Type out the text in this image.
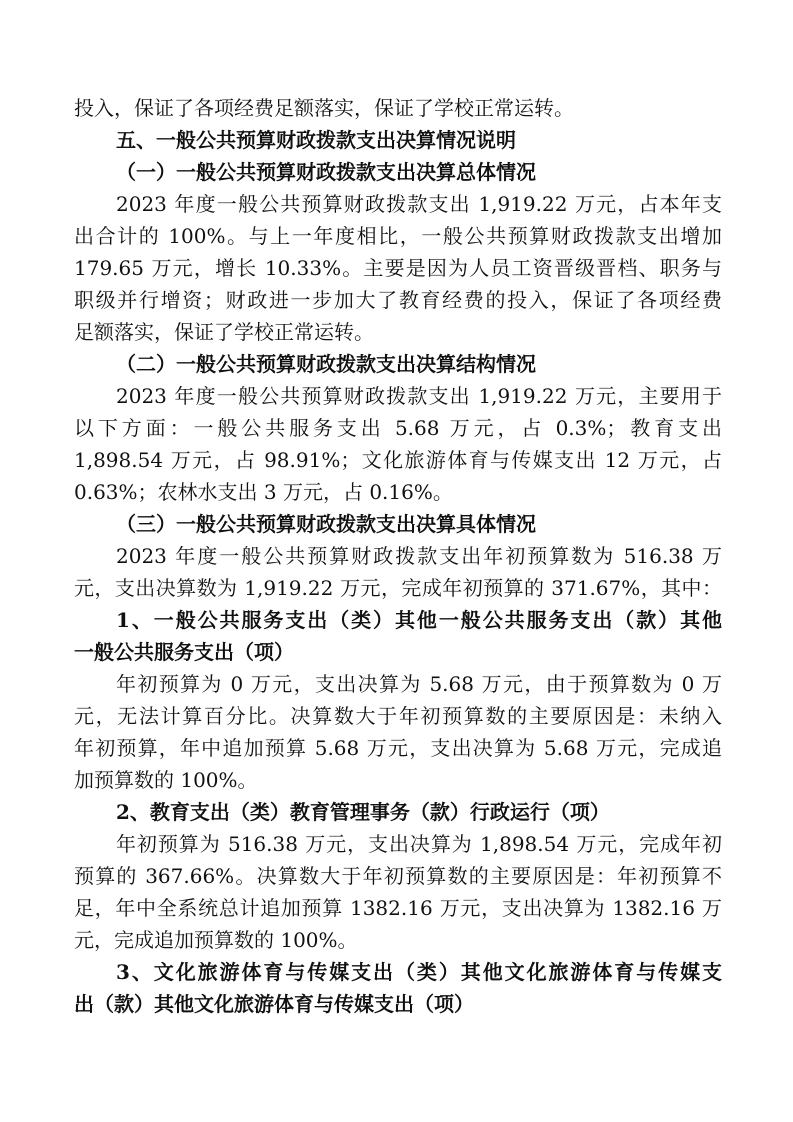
投入，保证了各项经费足额落实，保证了学校正常运转。
五、一般公共预算财政拨款支出决算情况说明
（一）一般公共预算财政拨款支出决算总体情况
2023 年度一般公共预算财政拨款支出 1,919.22 万元，占本年支
出合计的 100%。与上一年度相比，一般公共预算财政拨款支出增加
179.65 万元，增长 10.33%。主要是因为人员工资晋级晋档、职务与
职级并行增资；财政进一步加大了教育经费的投入，保证了各项经费
足额落实，保证了学校正常运转。
（二）一般公共预算财政拨款支出决算结构情况
2023 年度一般公共预算财政拨款支出 1,919.22 万元，主要用于
以下方面：一般公共服务支出 5.68 万元，占 0.3%；教育支出
1,898.54 万元，占 98.91%；文化旅游体育与传媒支出 12 万元，占
0.63%；农林水支出 3 万元，占 0.16%。
（三）一般公共预算财政拨款支出决算具体情况
2023 年度一般公共预算财政拨款支出年初预算数为 516.38 万
元，支出决算数为 1,919.22 万元，完成年初预算的 371.67%，其中：
1、一般公共服务支出（类）其他一般公共服务支出（款）其他
一般公共服务支出（项）
年初预算为 0 万元，支出决算为 5.68 万元，由于预算数为 0 万
元，无法计算百分比。决算数大于年初预算数的主要原因是：未纳入
年初预算，年中追加预算 5.68 万元，支出决算为 5.68 万元，完成追
加预算数的 100%。
2、教育支出（类）教育管理事务（款）行政运行（项）
年初预算为 516.38 万元，支出决算为 1,898.54 万元，完成年初
预算的 367.66%。决算数大于年初预算数的主要原因是：年初预算不
足，年中全系统总计追加预算 1382.16 万元，支出决算为 1382.16 万
元，完成追加预算数的 100%。
3、文化旅游体育与传媒支出（类）其他文化旅游体育与传媒支
出（款）其他文化旅游体育与传媒支出（项）
